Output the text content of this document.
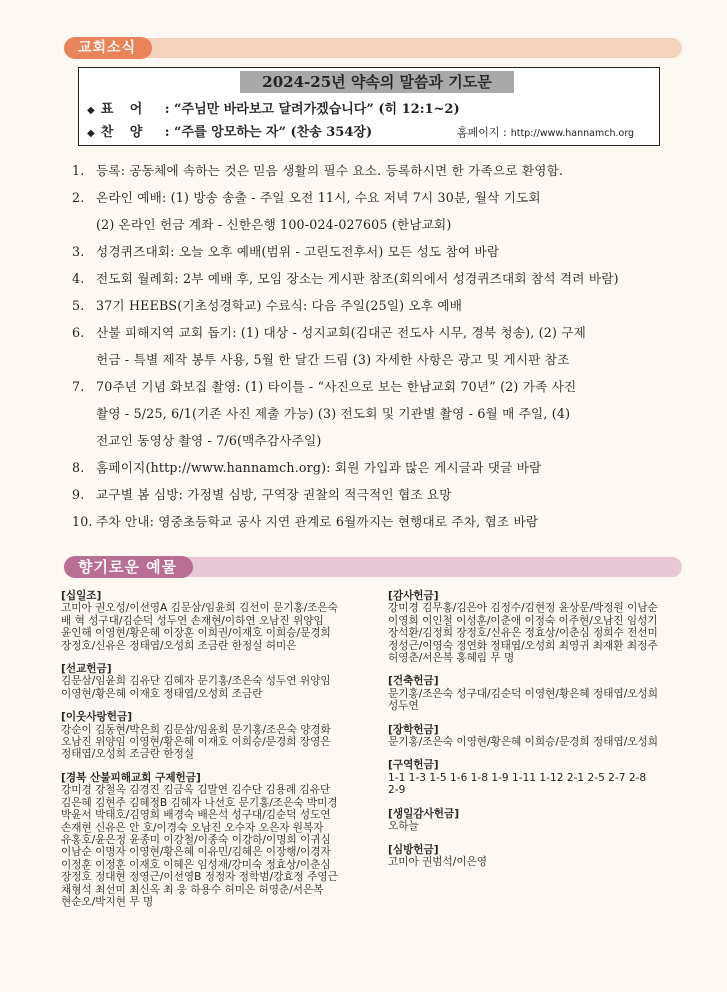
교회소식
2024-25년 약속의 말씀과 기도문
◆ 표 어 : “주님만 바라보고 달려가겠습니다” (히 12:1~2)
◆ 찬 양 : “주를 앙모하는 자” (찬송 354장)	홈페이지 : http://www.hannamch.org
1. 등록: 공동체에 속하는 것은 믿음 생활의 필수 요소. 등록하시면 한 가족으로 환영함.
2. 온라인 예배: (1) 방송 송출 - 주일 오전 11시, 수요 저녁 7시 30분, 월삭 기도회
(2) 온라인 헌금 계좌 - 신한은행 100-024-027605 (한남교회)
3. 성경퀴즈대회: 오늘 오후 예배(범위 - 고린도전후서) 모든 성도 참여 바람
4. 전도회 월례회: 2부 예배 후, 모임 장소는 게시판 참조(회의에서 성경퀴즈대회 참석 격려 바람)
5. 37기 HEEBS(기초성경학교) 수료식: 다음 주일(25일) 오후 예배
6. 산불 피해지역 교회 돕기: (1) 대상 - 성지교회(김대곤 전도사 시무, 경북 청송), (2) 구제
헌금 - 특별 제작 봉투 사용, 5월 한 달간 드림 (3) 자세한 사항은 광고 및 게시판 참조
7. 70주년 기념 화보집 촬영: (1) 타이틀 - “사진으로 보는 한남교회 70년” (2) 가족 사진
촬영 - 5/25, 6/1(기존 사진 제출 가능) (3) 전도회 및 기관별 촬영 - 6월 매 주일, (4)
전교인 동영상 촬영 - 7/6(맥추감사주일)
8. 홈페이지(http://www.hannamch.org): 회원 가입과 많은 게시글과 댓글 바람
9. 교구별 봄 심방: 가정별 심방, 구역장 권찰의 적극적인 협조 요망
10. 주차 안내: 영중초등학교 공사 지연 관계로 6월까지는 현행대로 주차, 협조 바람
향기로운 예물
[십일조]
고미아 권오성/이선영A 김문삼/임윤희 김선이 문기홍/조은숙
배 혁 성구대/김순덕 성두연 손재현/이하연 오남진 위양임
윤인해 이영현/황은혜 이장훈 이희권/이재호 이희승/문경희
장정호/신유은 정태엽/오성희 조금란 한정실 허미은
[선교헌금]
김문삼/임윤희 김유단 김혜자 문기홍/조은숙 성두연 위양임
이영현/황은혜 이재호 정태엽/오성희 조금란
[이웃사랑헌금]
강순이 김동현/박은희 김문삼/임윤희 문기홍/조은숙 양경화
오남진 위양임 이영현/황은혜 이재호 이희승/문경희 장영은
정태엽/오성희 조금란 한정실
[경북 산불피해교회 구제헌금]
강미경 강철옥 김경진 김금옥 김말연 김수단 김용례 김유단
김은혜 김현주 김혜정B 김혜자 나선호 문기홍/조은숙 박미경
박윤서 박태호/김영희 배경숙 배은석 성구대/김순덕 성도연
손재현 신유은 안 호/이경숙 오남진 오수자 오은자 원복자
유홍호/윤은정 윤종미 이강철/이종숙 이강하/이명희 이귀심
이남순 이명자 이영현/황은혜 이유민/김혜은 이장행/이경자
이정훈 이정훈 이재호 이혜은 임성재/강미숙 정효상/이춘심
장정호 정대현 정영근/이선영B 정정자 정학범/강효정 주영근
채형석 최선미 최신옥 최 웅 하용수 허미은 허영춘/서은복
현순오/박지현 무 명
[감사헌금]
강미경 김무홍/김은아 김정수/김현정 윤상문/박정원 이남순
이영희 이인철 이성훈/이춘애 이정숙 이주현/오남진 임성기
장석환/김정희 장정호/신유은 정효상/이춘심 정희수 전선미
정성근/이영숙 정연화 정태엽/오성희 최영귀 최재환 최정주
허영춘/서은복 홍혜림 무 명
[건축헌금]
문기홍/조은숙 성구대/김순덕 이영현/황은혜 정태엽/오성희
성두연
[장학헌금]
문기홍/조은숙 이영현/황은혜 이희승/문경희 정태엽/오성희
[구역헌금]
1-1 1-3 1-5 1-6 1-8 1-9 1-11 1-12 2-1 2-5 2-7 2-8
2-9
[생일감사헌금]
오하늘
[심방헌금]
고미아 권범석/이은영
